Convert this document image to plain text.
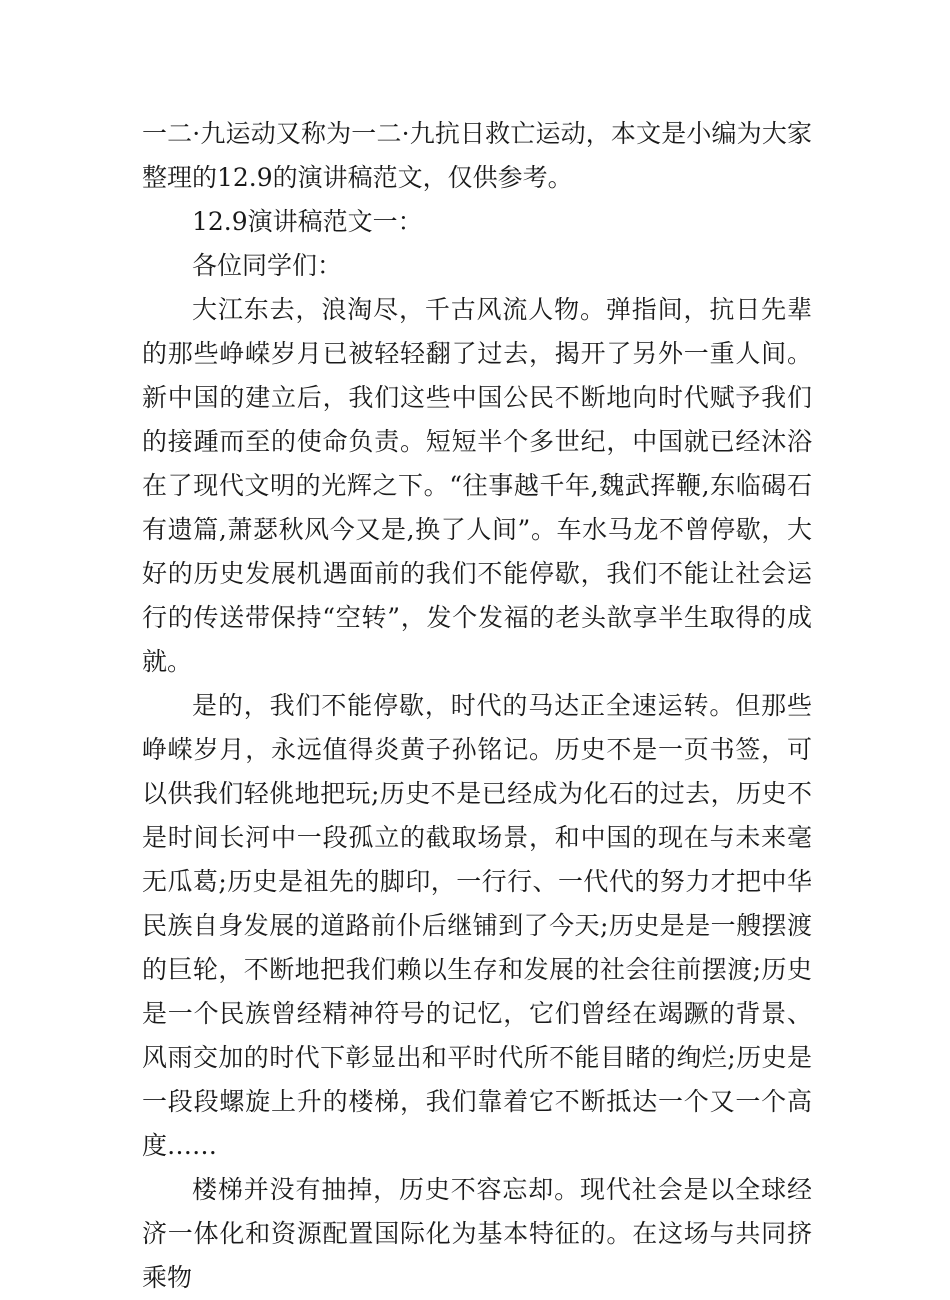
一二·九运动又称为一二·九抗日救亡运动，本文是小编为大家整理的12.9的演讲稿范文，仅供参考。

12.9演讲稿范文一：

各位同学们：

大江东去，浪淘尽，千古风流人物。弹指间，抗日先辈的那些峥嵘岁月已被轻轻翻了过去，揭开了另外一重人间。新中国的建立后，我们这些中国公民不断地向时代赋予我们的接踵而至的使命负责。短短半个多世纪，中国就已经沐浴在了现代文明的光辉之下。“往事越千年,魏武挥鞭,东临碣石有遗篇,萧瑟秋风今又是,换了人间”。车水马龙不曾停歇，大好的历史发展机遇面前的我们不能停歇，我们不能让社会运行的传送带保持“空转”，发个发福的老头歆享半生取得的成就。

是的，我们不能停歇，时代的马达正全速运转。但那些峥嵘岁月，永远值得炎黄子孙铭记。历史不是一页书签，可以供我们轻佻地把玩;历史不是已经成为化石的过去，历史不是时间长河中一段孤立的截取场景，和中国的现在与未来毫无瓜葛;历史是祖先的脚印，一行行、一代代的努力才把中华民族自身发展的道路前仆后继铺到了今天;历史是是一艘摆渡的巨轮，不断地把我们赖以生存和发展的社会往前摆渡;历史是一个民族曾经精神符号的记忆，它们曾经在竭蹶的背景、风雨交加的时代下彰显出和平时代所不能目睹的绚烂;历史是一段段螺旋上升的楼梯，我们靠着它不断抵达一个又一个高度……

楼梯并没有抽掉，历史不容忘却。现代社会是以全球经济一体化和资源配置国际化为基本特征的。在这场与共同挤乘物
